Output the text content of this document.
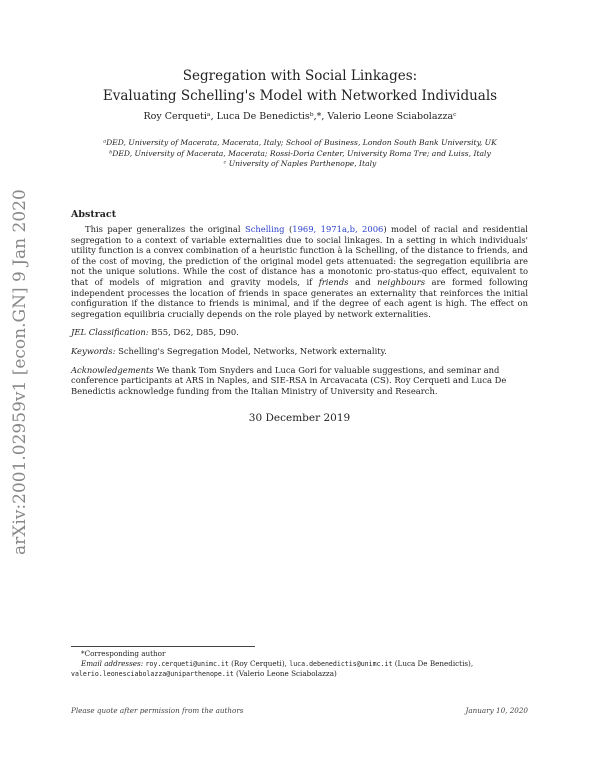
arXiv:2001.02959v1 [econ.GN] 9 Jan 2020
Segregation with Social Linkages:
Evaluating Schelling's Model with Networked Individuals
Roy Cerquetiᵃ, Luca De Benedictisᵇ,*, Valerio Leone Sciabolazzaᶜ
ᵃDED, University of Macerata, Macerata, Italy; School of Business, London South Bank University, UK
ᵇDED, University of Macerata, Macerata; Rossi-Doria Center, University Roma Tre; and Luiss, Italy
ᶜ University of Naples Parthenope, Italy
Abstract

This paper generalizes the original Schelling (1969, 1971a,b, 2006) model of racial and residential segregation to a context of variable externalities due to social linkages. In a setting in which individuals' utility function is a convex combination of a heuristic function à la Schelling, of the distance to friends, and of the cost of moving, the prediction of the original model gets attenuated: the segregation equilibria are not the unique solutions. While the cost of distance has a monotonic pro-status-quo effect, equivalent to that of models of migration and gravity models, if friends and neighbours are formed following independent processes the location of friends in space generates an externality that reinforces the initial configuration if the distance to friends is minimal, and if the degree of each agent is high. The effect on segregation equilibria crucially depends on the role played by network externalities.

JEL Classification: B55, D62, D85, D90.

Keywords: Schelling's Segregation Model, Networks, Network externality.

Acknowledgements We thank Tom Snyders and Luca Gori for valuable suggestions, and seminar and conference participants at ARS in Naples, and SIE-RSA in Arcavacata (CS). Roy Cerqueti and Luca De Benedictis acknowledge funding from the Italian Ministry of University and Research.

30 December 2019
*Corresponding author
Email addresses: roy.cerqueti@unimc.it (Roy Cerqueti), luca.debenedictis@unimc.it (Luca De Benedictis), valerio.leonesciabolazza@uniparthenope.it (Valerio Leone Sciabolazza)
Please quote after permission from the authors	January 10, 2020
